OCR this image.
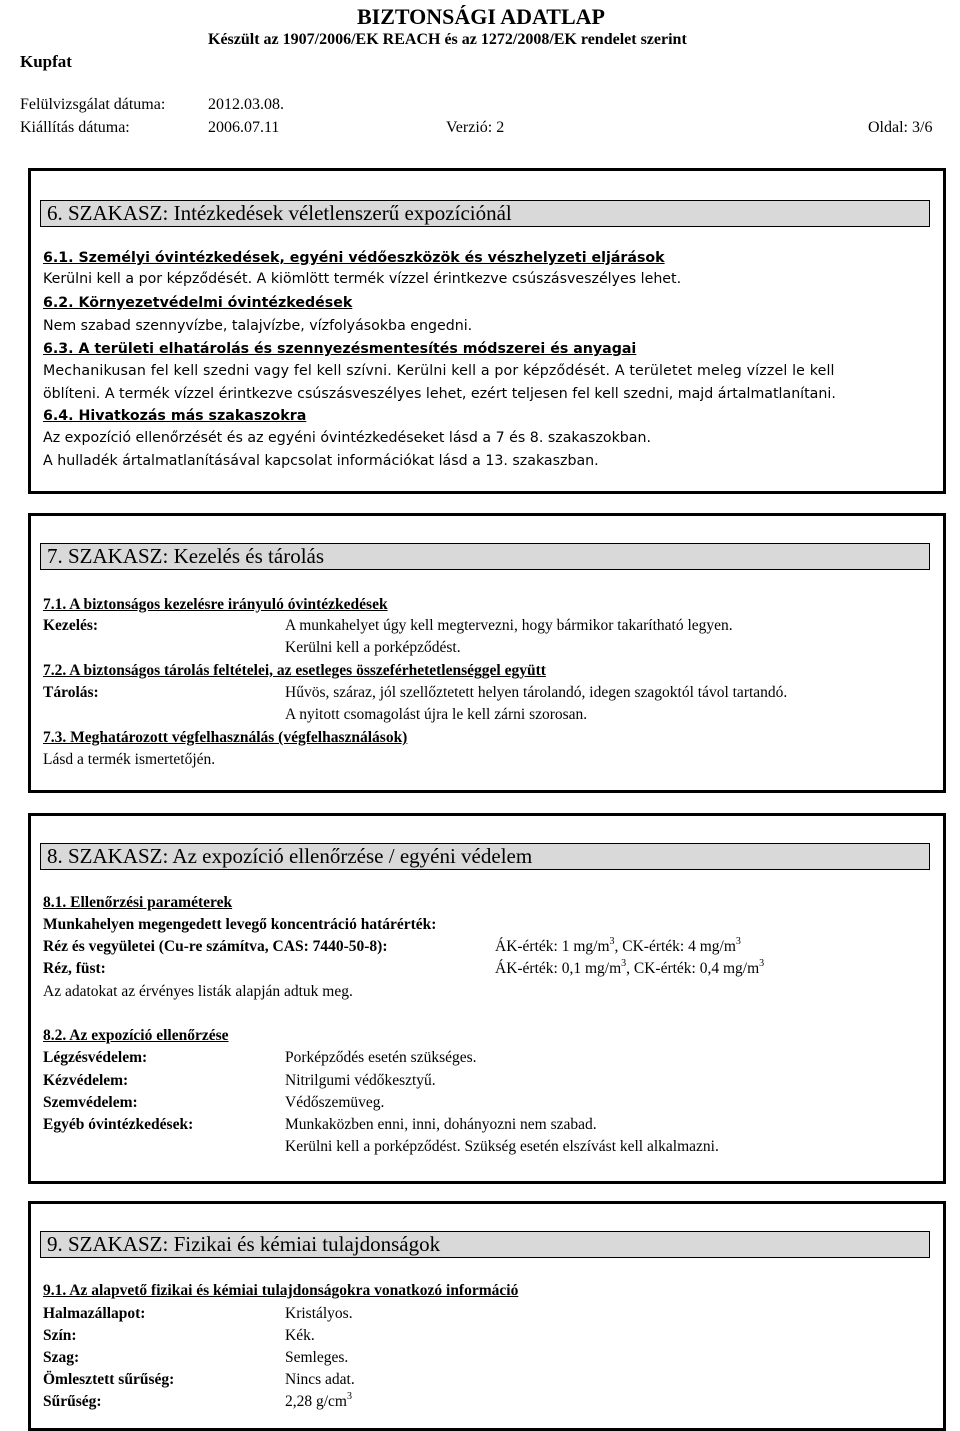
BIZTONSÁGI ADATLAP
Készült az 1907/2006/EK REACH és az 1272/2008/EK rendelet szerint
Kupfat
Felülvizsgálat dátuma:	2012.03.08.
Kiállítás dátuma:	2006.07.11	Verzió: 2	Oldal: 3/6
6. SZAKASZ: Intézkedések véletlenszerű expozíciónál
6.1. Személyi óvintézkedések, egyéni védőeszközök és vészhelyzeti eljárások
Kerülni kell a por képződését. A kiömlött termék vízzel érintkezve csúszásveszélyes lehet.
6.2. Környezetvédelmi óvintézkedések
Nem szabad szennyvízbe, talajvízbe, vízfolyásokba engedni.
6.3. A területi elhatárolás és szennyezésmentesítés módszerei és anyagai
Mechanikusan fel kell szedni vagy fel kell szívni. Kerülni kell a por képződését. A területet meleg vízzel le kell
öblíteni. A termék vízzel érintkezve csúszásveszélyes lehet, ezért teljesen fel kell szedni, majd ártalmatlanítani.
6.4. Hivatkozás más szakaszokra
Az expozíció ellenőrzését és az egyéni óvintézkedéseket lásd a 7 és 8. szakaszokban.
A hulladék ártalmatlanításával kapcsolat információkat lásd a 13. szakaszban.
7. SZAKASZ: Kezelés és tárolás
7.1. A biztonságos kezelésre irányuló óvintézkedések
Kezelés:	A munkahelyet úgy kell megtervezni, hogy bármikor takarítható legyen.
Kerülni kell a porképződést.
7.2. A biztonságos tárolás feltételei, az esetleges összeférhetetlenséggel együtt
Tárolás:	Hűvös, száraz, jól szellőztetett helyen tárolandó, idegen szagoktól távol tartandó.
A nyitott csomagolást újra le kell zárni szorosan.
7.3. Meghatározott végfelhasználás (végfelhasználások)
Lásd a termék ismertetőjén.
8. SZAKASZ: Az expozíció ellenőrzése / egyéni védelem
8.1. Ellenőrzési paraméterek
Munkahelyen megengedett levegő koncentráció határérték:
Réz és vegyületei (Cu-re számítva, CAS: 7440-50-8):	ÁK-érték: 1 $mg/m^3$, CK-érték: 4 $mg/m^3$
Réz, füst:	ÁK-érték: 0,1 $mg/m^3$, CK-érték: 0,4 $mg/m^3$
Az adatokat az érvényes listák alapján adtuk meg.
8.2. Az expozíció ellenőrzése
Légzésvédelem:	Porképződés esetén szükséges.
Kézvédelem:	Nitrilgumi védőkesztyű.
Szemvédelem:	Védőszemüveg.
Egyéb óvintézkedések:	Munkaközben enni, inni, dohányozni nem szabad.
Kerülni kell a porképződést. Szükség esetén elszívást kell alkalmazni.
9. SZAKASZ: Fizikai és kémiai tulajdonságok
9.1. Az alapvető fizikai és kémiai tulajdonságokra vonatkozó információ
Halmazállapot:	Kristályos.
Szín:	Kék.
Szag:	Semleges.
Ömlesztett sűrűség:	Nincs adat.
Sűrűség:	2,28 $g/cm^3$
